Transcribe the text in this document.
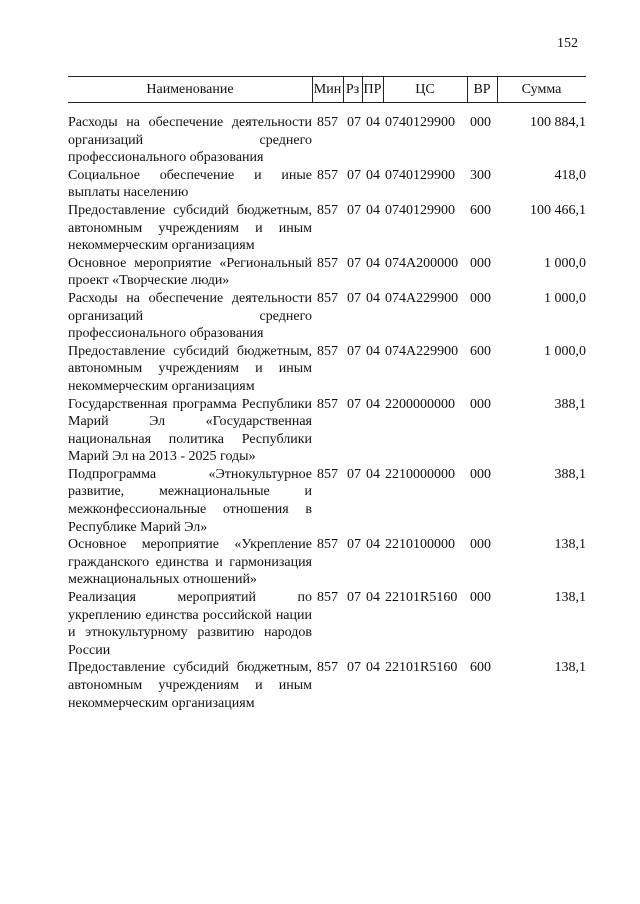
152
Наименование	Мин Рз ПР	ЦС	ВР	Сумма
Расходы на обеспечение деятельности организаций среднего профессионального образования
857 07 04 0740129900 000	100 884,1
Социальное обеспечение и иные выплаты населению
857 07 04 0740129900 300	418,0
Предоставление субсидий бюджетным, автономным учреждениям и иным некоммерческим организациям
857 07 04 0740129900 600	100 466,1
Основное мероприятие «Региональный проект «Творческие люди»
857 07 04 074А200000 000	1 000,0
Расходы на обеспечение деятельности организаций среднего профессионального образования
857 07 04 074А229900 000	1 000,0
Предоставление субсидий бюджетным, автономным учреждениям и иным некоммерческим организациям
857 07 04 074А229900 600	1 000,0
Государственная программа Республики Марий Эл «Государственная национальная политика Республики Марий Эл на 2013 - 2025 годы»
857 07 04 2200000000 000	388,1
Подпрограмма «Этнокультурное развитие, межнациональные и межконфессиональные отношения в Республике Марий Эл»
857 07 04 2210000000 000	388,1
Основное мероприятие «Укрепление гражданского единства и гармонизация межнациональных отношений»
857 07 04 2210100000 000	138,1
Реализация мероприятий по укреплению единства российской нации и этнокультурному развитию народов России
857 07 04 22101R5160 000	138,1
Предоставление субсидий бюджетным, автономным учреждениям и иным некоммерческим организациям
857 07 04 22101R5160 600	138,1
